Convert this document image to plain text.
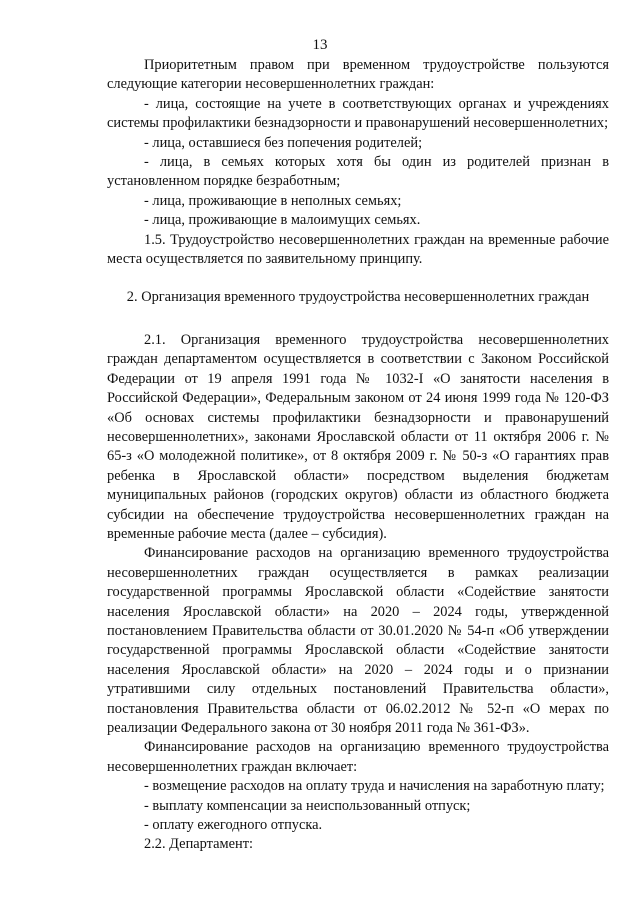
13

Приоритетным правом при временном трудоустройстве пользуются следующие категории несовершеннолетних граждан:

- лица, состоящие на учете в соответствующих органах и учреждениях системы профилактики безнадзорности и правонарушений несовершеннолетних;

- лица, оставшиеся без попечения родителей;

- лица, в семьях которых хотя бы один из родителей признан в установленном порядке безработным;

- лица, проживающие в неполных семьях;

- лица, проживающие в малоимущих семьях.

1.5. Трудоустройство несовершеннолетних граждан на временные рабочие места осуществляется по заявительному принципу.

2. Организация временного трудоустройства несовершеннолетних граждан

2.1. Организация временного трудоустройства несовершеннолетних граждан департаментом осуществляется в соответствии с Законом Российской Федерации от 19 апреля 1991 года № 1032-I «О занятости населения в Российской Федерации», Федеральным законом от 24 июня 1999 года № 120-ФЗ «Об основах системы профилактики безнадзорности и правонарушений несовершеннолетних», законами Ярославской области от 11 октября 2006 г. № 65-з «О молодежной политике», от 8 октября 2009 г. № 50-з «О гарантиях прав ребенка в Ярославской области» посредством выделения бюджетам муниципальных районов (городских округов) области из областного бюджета субсидии на обеспечение трудоустройства несовершеннолетних граждан на временные рабочие места (далее – субсидия).

Финансирование расходов на организацию временного трудоустройства несовершеннолетних граждан осуществляется в рамках реализации государственной программы Ярославской области «Содействие занятости населения Ярославской области» на 2020 – 2024 годы, утвержденной постановлением Правительства области от 30.01.2020 № 54-п «Об утверждении государственной программы Ярославской области «Содействие занятости населения Ярославской области» на 2020 – 2024 годы и о признании утратившими силу отдельных постановлений Правительства области», постановления Правительства области от 06.02.2012 № 52-п «О мерах по реализации Федерального закона от 30 ноября 2011 года № 361-ФЗ».

Финансирование расходов на организацию временного трудоустройства несовершеннолетних граждан включает:

- возмещение расходов на оплату труда и начисления на заработную плату;

- выплату компенсации за неиспользованный отпуск;

- оплату ежегодного отпуска.

2.2. Департамент:
